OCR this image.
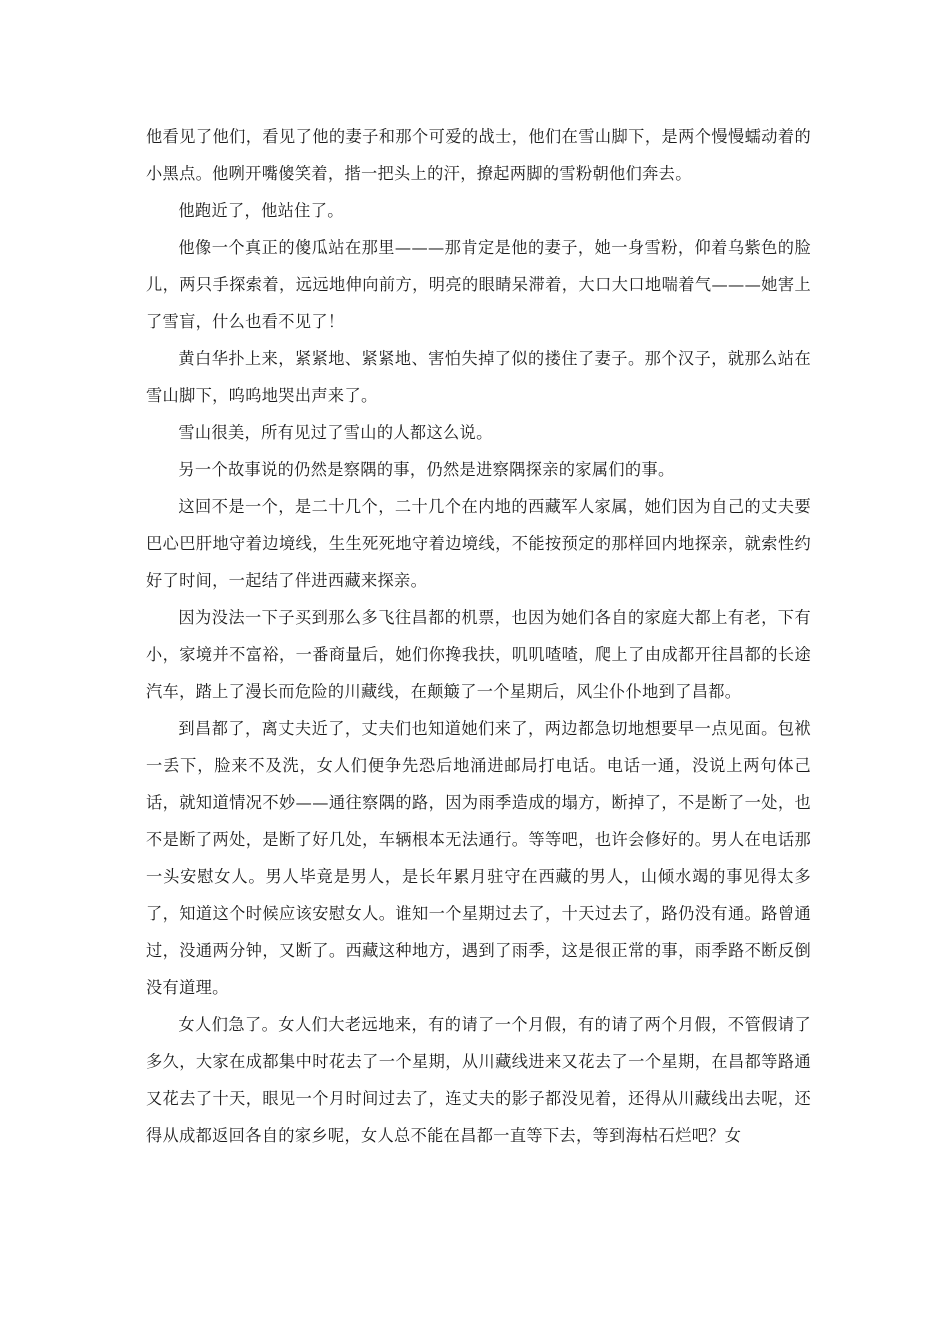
他看见了他们，看见了他的妻子和那个可爱的战士，他们在雪山脚下，是两个慢慢蠕动着的小黑点。他咧开嘴傻笑着，揩一把头上的汗，撩起两脚的雪粉朝他们奔去。

他跑近了，他站住了。

他像一个真正的傻瓜站在那里———那肯定是他的妻子，她一身雪粉，仰着乌紫色的脸儿，两只手探索着，远远地伸向前方，明亮的眼睛呆滞着，大口大口地喘着气———她害上了雪盲，什么也看不见了！

黄白华扑上来，紧紧地、紧紧地、害怕失掉了似的搂住了妻子。那个汉子，就那么站在雪山脚下，呜呜地哭出声来了。

雪山很美，所有见过了雪山的人都这么说。

另一个故事说的仍然是察隅的事，仍然是进察隅探亲的家属们的事。

这回不是一个，是二十几个，二十几个在内地的西藏军人家属，她们因为自己的丈夫要巴心巴肝地守着边境线，生生死死地守着边境线，不能按预定的那样回内地探亲，就索性约好了时间，一起结了伴进西藏来探亲。

因为没法一下子买到那么多飞往昌都的机票，也因为她们各自的家庭大都上有老，下有小，家境并不富裕，一番商量后，她们你搀我扶，叽叽喳喳，爬上了由成都开往昌都的长途汽车，踏上了漫长而危险的川藏线，在颠簸了一个星期后，风尘仆仆地到了昌都。

到昌都了，离丈夫近了，丈夫们也知道她们来了，两边都急切地想要早一点见面。包袱一丢下，脸来不及洗，女人们便争先恐后地涌进邮局打电话。电话一通，没说上两句体己话，就知道情况不妙——通往察隅的路，因为雨季造成的塌方，断掉了，不是断了一处，也不是断了两处，是断了好几处，车辆根本无法通行。等等吧，也许会修好的。男人在电话那一头安慰女人。男人毕竟是男人，是长年累月驻守在西藏的男人，山倾水竭的事见得太多了，知道这个时候应该安慰女人。谁知一个星期过去了，十天过去了，路仍没有通。路曾通过，没通两分钟，又断了。西藏这种地方，遇到了雨季，这是很正常的事，雨季路不断反倒没有道理。

女人们急了。女人们大老远地来，有的请了一个月假，有的请了两个月假，不管假请了多久，大家在成都集中时花去了一个星期，从川藏线进来又花去了一个星期，在昌都等路通又花去了十天，眼见一个月时间过去了，连丈夫的影子都没见着，还得从川藏线出去呢，还得从成都返回各自的家乡呢，女人总不能在昌都一直等下去，等到海枯石烂吧？女
